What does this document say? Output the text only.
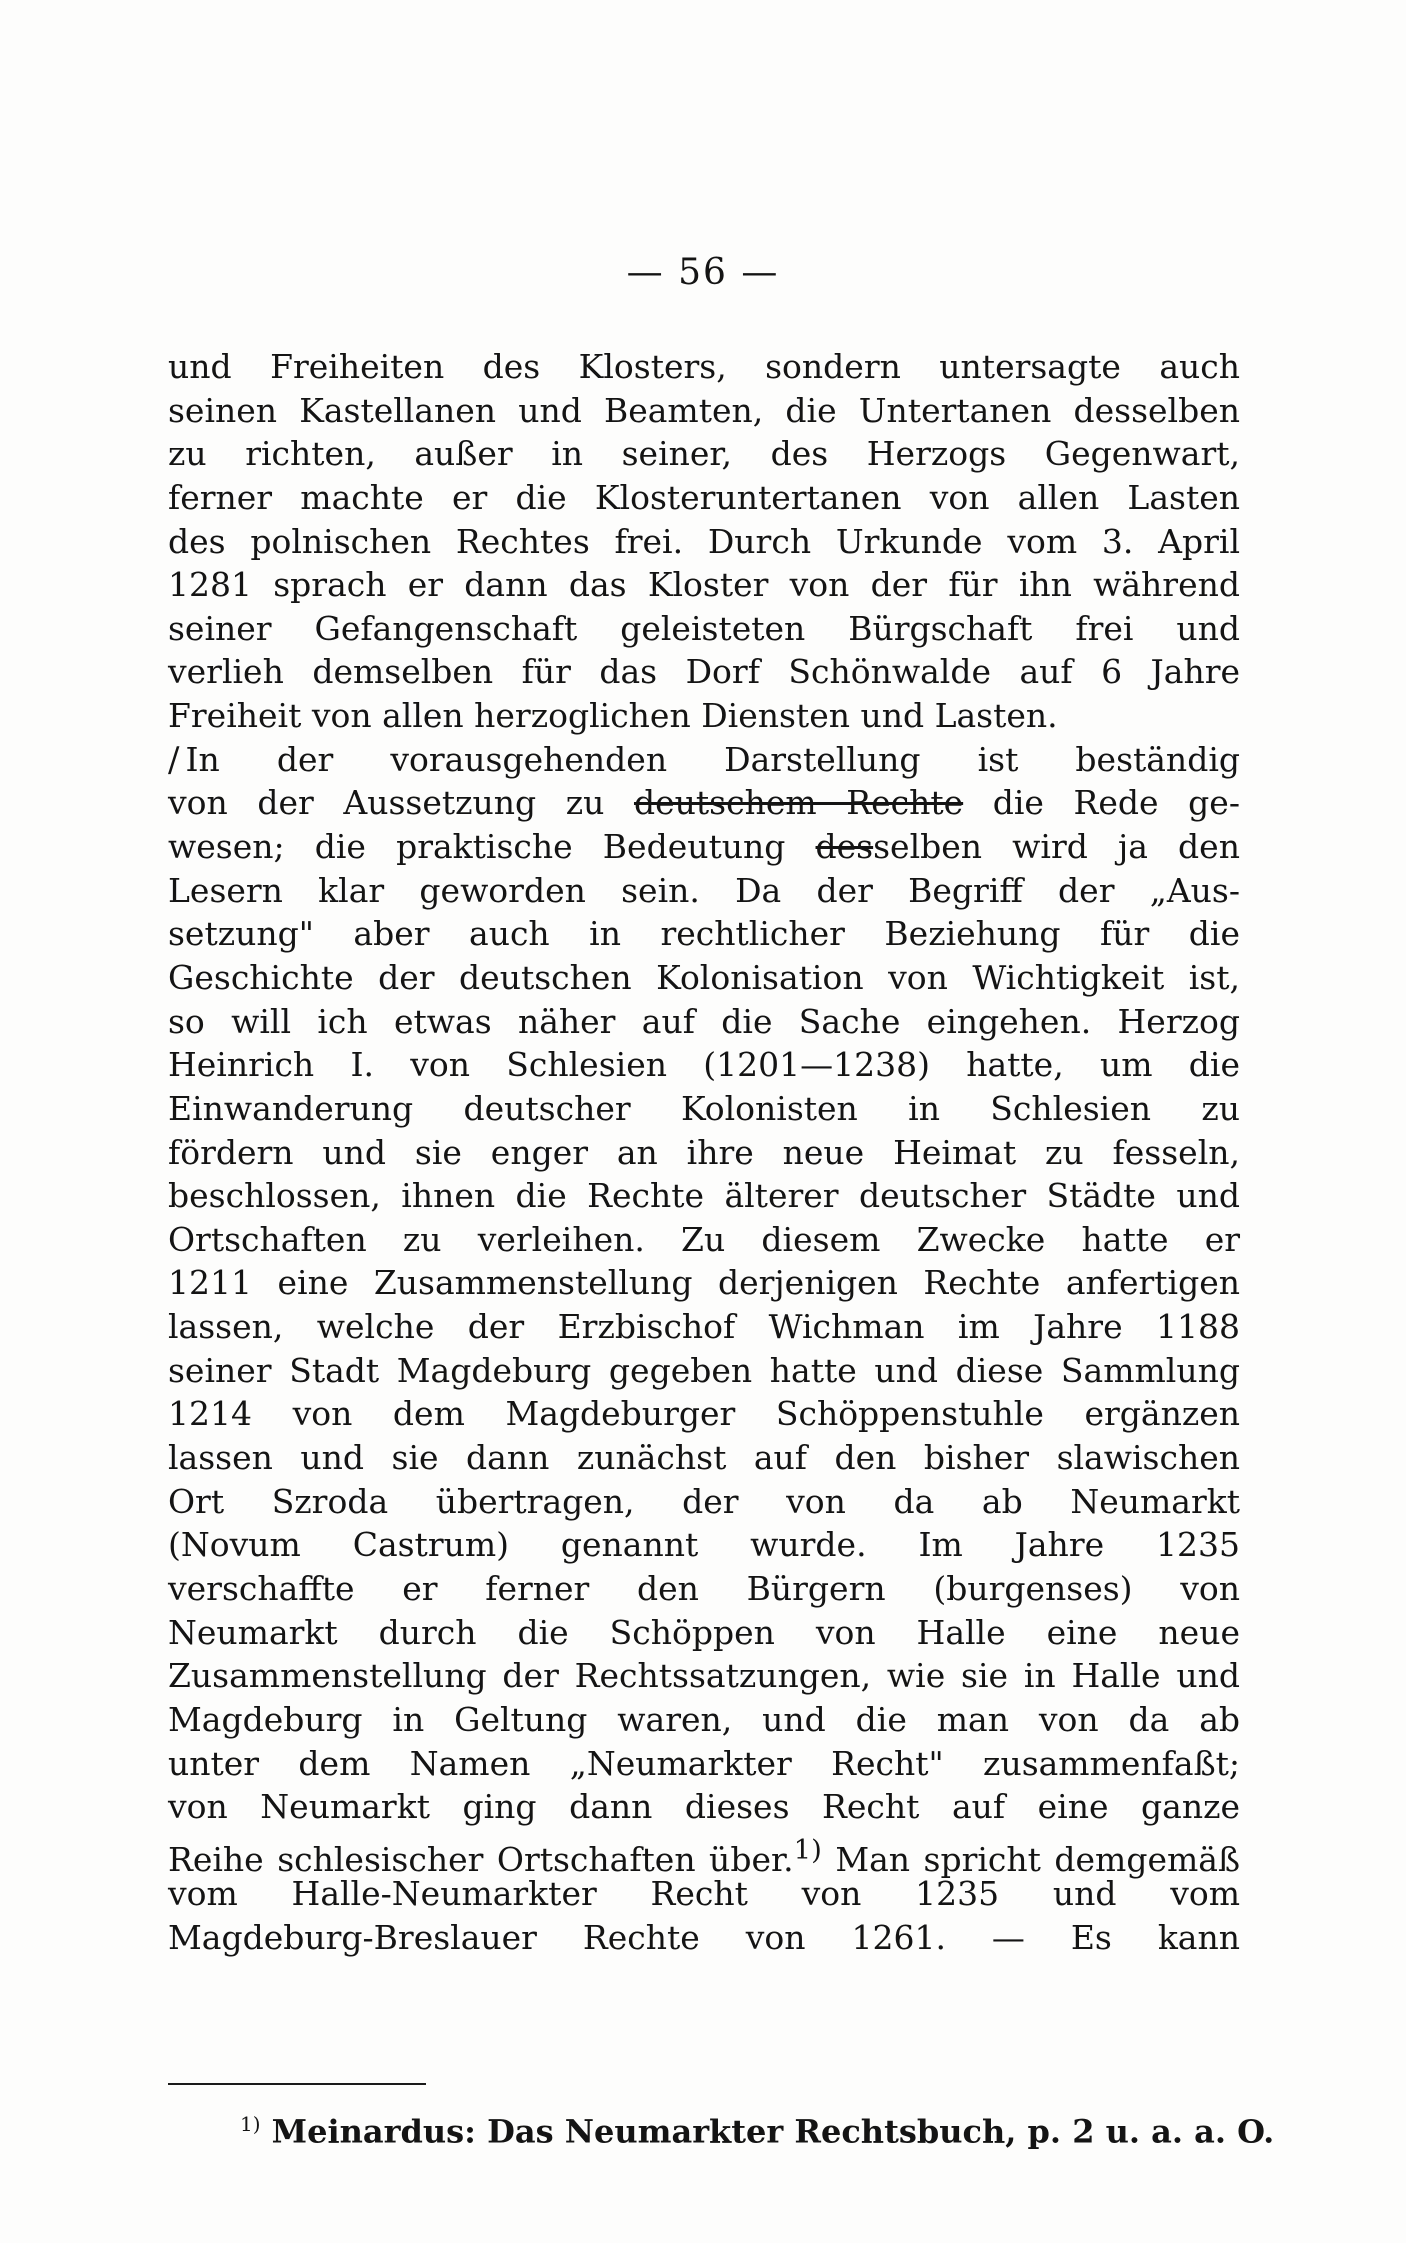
— 56 —
und Freiheiten des Klosters, sondern untersagte auch
seinen Kastellanen und Beamten, die Untertanen desselben
zu richten, außer in seiner, des Herzogs Gegenwart,
ferner machte er die Klosteruntertanen von allen Lasten
des polnischen Rechtes frei. Durch Urkunde vom 3. April
1281 sprach er dann das Kloster von der für ihn während
seiner Gefangenschaft geleisteten Bürgschaft frei und
verlieh demselben für das Dorf Schönwalde auf 6 Jahre
Freiheit von allen herzoglichen Diensten und Lasten.
∕ In der vorausgehenden Darstellung ist beständig
von der Aussetzung zu deutschem Rechte die Rede ge-
wesen; die praktische Bedeutung desselben wird ja den
Lesern klar geworden sein. Da der Begriff der „Aus-
setzung" aber auch in rechtlicher Beziehung für die
Geschichte der deutschen Kolonisation von Wichtigkeit ist,
so will ich etwas näher auf die Sache eingehen. Herzog
Heinrich I. von Schlesien (1201—1238) hatte, um die
Einwanderung deutscher Kolonisten in Schlesien zu
fördern und sie enger an ihre neue Heimat zu fesseln,
beschlossen, ihnen die Rechte älterer deutscher Städte und
Ortschaften zu verleihen. Zu diesem Zwecke hatte er
1211 eine Zusammenstellung derjenigen Rechte anfertigen
lassen, welche der Erzbischof Wichman im Jahre 1188
seiner Stadt Magdeburg gegeben hatte und diese Sammlung
1214 von dem Magdeburger Schöppenstuhle ergänzen
lassen und sie dann zunächst auf den bisher slawischen
Ort Szroda übertragen, der von da ab Neumarkt
(Novum Castrum) genannt wurde. Im Jahre 1235
verschaffte er ferner den Bürgern (burgenses) von
Neumarkt durch die Schöppen von Halle eine neue
Zusammenstellung der Rechtssatzungen, wie sie in Halle und
Magdeburg in Geltung waren, und die man von da ab
unter dem Namen „Neumarkter Recht" zusammenfaßt;
von Neumarkt ging dann dieses Recht auf eine ganze
Reihe schlesischer Ortschaften über.$^{1)}$ Man spricht demgemäß
vom Halle-Neumarkter Recht von 1235 und vom
Magdeburg-Breslauer Rechte von 1261. — Es kann
$^{1)}$ Meinardus: Das Neumarkter Rechtsbuch, p. 2 u. a. a. O.
